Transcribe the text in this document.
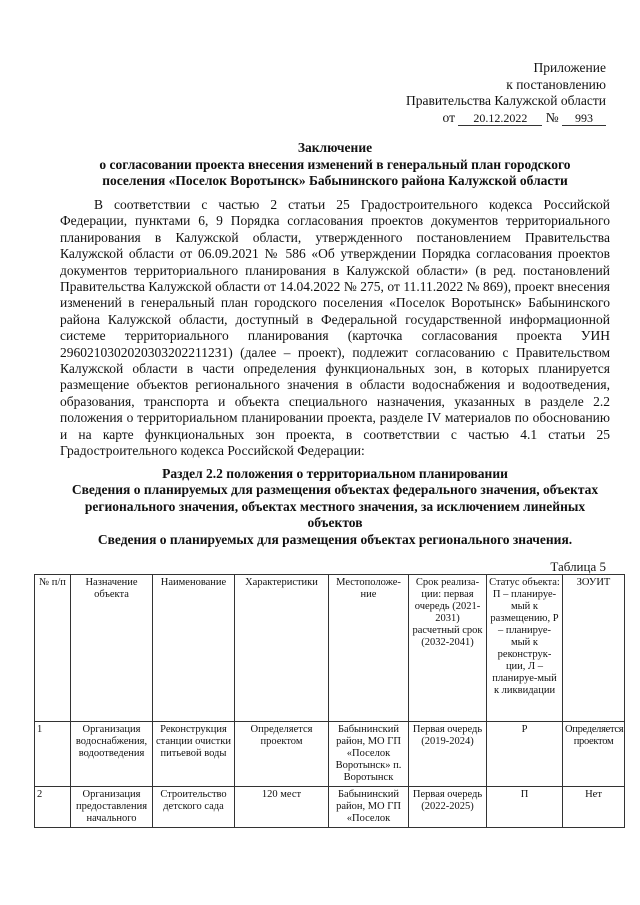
Приложение
к постановлению
Правительства Калужской области
от 20.12.2022 № 993
Заключение
о согласовании проекта внесения изменений в генеральный план городского
поселения «Поселок Воротынск» Бабынинского района Калужской области

В соответствии с частью 2 статьи 25 Градостроительного кодекса Российской Федерации, пунктами 6, 9 Порядка согласования проектов документов территориального планирования в Калужской области, утвержденного постановлением Правительства Калужской области от 06.09.2021 № 586 «Об утверждении Порядка согласования проектов документов территориального планирования в Калужской области» (в ред. постановлений Правительства Калужской области от 14.04.2022 № 275, от 11.11.2022 № 869), проект внесения изменений в генеральный план городского поселения «Поселок Воротынск» Бабынинского района Калужской области, доступный в Федеральной государственной информационной системе территориального планирования (карточка согласования проекта УИН 29602103020203032022112З1) (далее – проект), подлежит согласованию с Правительством Калужской области в части определения функциональных зон, в которых планируется размещение объектов регионального значения в области водоснабжения и водоотведения, образования, транспорта и объекта специального назначения, указанных в разделе 2.2 положения о территориальном планировании проекта, разделе IV материалов по обоснованию и на карте функциональных зон проекта, в соответствии с частью 4.1 статьи 25 Градостроительного кодекса Российской Федерации:

Раздел 2.2 положения о территориальном планировании
Сведения о планируемых для размещения объектах федерального значения, объектах регионального значения, объектах местного значения, за исключением линейных объектов
Сведения о планируемых для размещения объектах регионального значения.
Таблица 5
№ п/п	Назначение объекта	Наименование	Характеристики	Местоположе-ние	Срок реализа-ции: первая очередь (2021-2031) расчетный срок (2032-2041)	Статус объекта: П – планируе-мый к размещению, Р – планируе-мый к реконструк-ции, Л – планируе-мый к ликвидации	ЗОУИТ
1	Организация водоснабжения, водоотведения	Реконструкция станции очистки питьевой воды	Определяется проектом	Бабынинский район, МО ГП «Поселок Воротынск» п. Воротынск	Первая очередь (2019-2024)	Р	Определяется проектом
2	Организация предоставления начального	Строительство детского сада	120 мест	Бабынинский район, МО ГП «Поселок	Первая очередь (2022-2025)	П	Нет
